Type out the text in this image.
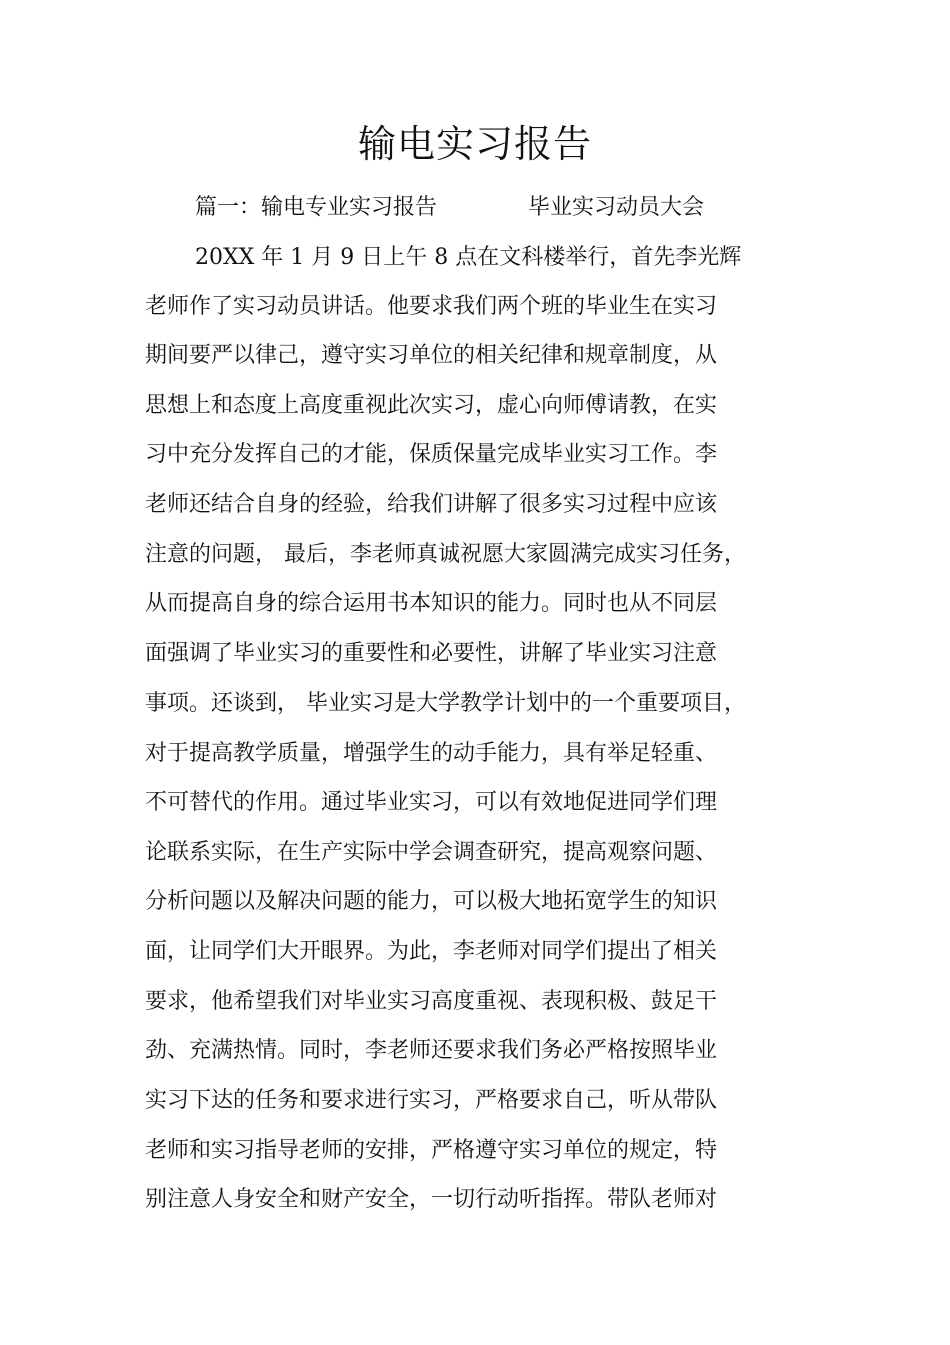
输电实习报告
篇一：输电专业实习报告	毕业实习动员大会
20XX 年 1 月 9 日上午 8 点在文科楼举行，首先李光辉
老师作了实习动员讲话。他要求我们两个班的毕业生在实习
期间要严以律己，遵守实习单位的相关纪律和规章制度，从
思想上和态度上高度重视此次实习，虚心向师傅请教，在实
习中充分发挥自己的才能，保质保量完成毕业实习工作。李
老师还结合自身的经验，给我们讲解了很多实习过程中应该
注意的问题， 最后，李老师真诚祝愿大家圆满完成实习任务，
从而提高自身的综合运用书本知识的能力。同时也从不同层
面强调了毕业实习的重要性和必要性，讲解了毕业实习注意
事项。还谈到， 毕业实习是大学教学计划中的一个重要项目，
对于提高教学质量，增强学生的动手能力，具有举足轻重、
不可替代的作用。通过毕业实习，可以有效地促进同学们理
论联系实际，在生产实际中学会调查研究，提高观察问题、
分析问题以及解决问题的能力，可以极大地拓宽学生的知识
面，让同学们大开眼界。为此，李老师对同学们提出了相关
要求，他希望我们对毕业实习高度重视、表现积极、鼓足干
劲、充满热情。同时，李老师还要求我们务必严格按照毕业
实习下达的任务和要求进行实习，严格要求自己，听从带队
老师和实习指导老师的安排，严格遵守实习单位的规定，特
别注意人身安全和财产安全，一切行动听指挥。带队老师对
